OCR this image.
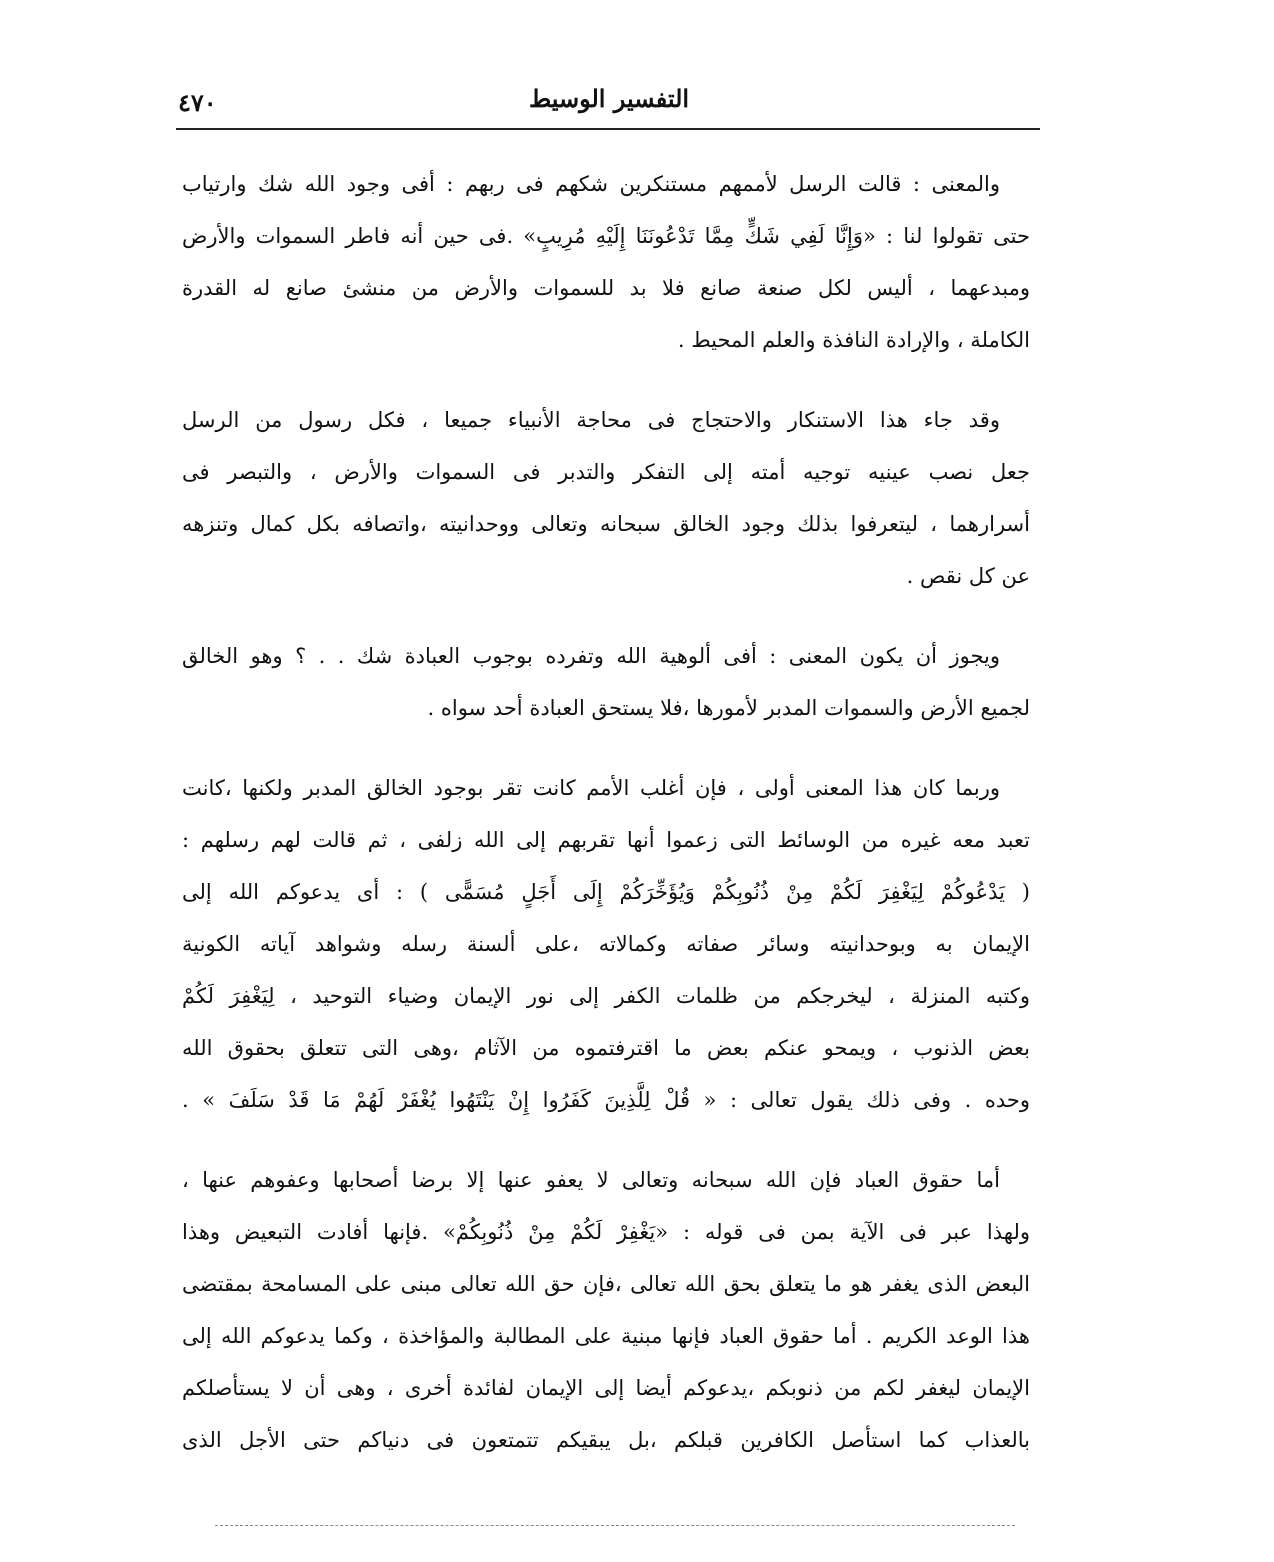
٤٧٠	التفسير الوسيط
والمعنى : قالت الرسل لأممهم مستنكرين شكهم فى ربهم : أفى وجود الله شك وارتياب
حتى تقولوا لنا : «وَإِنَّا لَفِي شَكٍّ مِمَّا تَدْعُونَنَا إِلَيْهِ مُرِيبٍ» .فى حين أنه فاطر السموات والأرض
ومبدعهما ، أليس لكل صنعة صانع فلا بد للسموات والأرض من منشئ صانع له القدرة
الكاملة ، والإرادة النافذة والعلم المحيط .
وقد جاء هذا الاستنكار والاحتجاج فى محاجة الأنبياء جميعا ، فكل رسول من الرسل
جعل نصب عينيه توجيه أمته إلى التفكر والتدبر فى السموات والأرض ، والتبصر فى
أسرارهما ، ليتعرفوا بذلك وجود الخالق سبحانه وتعالى ووحدانيته ،واتصافه بكل كمال وتنزهه
عن كل نقص .
ويجوز أن يكون المعنى : أفى ألوهية الله وتفرده بوجوب العبادة شك . . ؟ وهو الخالق
لجميع الأرض والسموات المدبر لأمورها ،فلا يستحق العبادة أحد سواه .
وربما كان هذا المعنى أولى ، فإن أغلب الأمم كانت تقر بوجود الخالق المدبر ولكنها ،كانت
تعبد معه غيره من الوسائط التى زعموا أنها تقربهم إلى الله زلفى ، ثم قالت لهم رسلهم :
( يَدْعُوكُمْ لِيَغْفِرَ لَكُمْ مِنْ ذُنُوبِكُمْ وَيُؤَخِّرَكُمْ إِلَى أَجَلٍ مُسَمًّى ) : أى يدعوكم الله إلى
الإيمان به وبوحدانيته وسائر صفاته وكمالاته ،على ألسنة رسله وشواهد آياته الكونية
وكتبه المنزلة ، ليخرجكم من ظلمات الكفر إلى نور الإيمان وضياء التوحيد ، لِيَغْفِرَ لَكُمْ
بعض الذنوب ، ويمحو عنكم بعض ما اقترفتموه من الآثام ،وهى التى تتعلق بحقوق الله
وحده . وفى ذلك يقول تعالى : « قُلْ لِلَّذِينَ كَفَرُوا إِنْ يَنْتَهُوا يُغْفَرْ لَهُمْ مَا قَدْ سَلَفَ » .
أما حقوق العباد فإن الله سبحانه وتعالى لا يعفو عنها إلا برضا أصحابها وعفوهم عنها ،
ولهذا عبر فى الآية بمن فى قوله : «يَغْفِرْ لَكُمْ مِنْ ذُنُوبِكُمْ» .فإنها أفادت التبعيض وهذا
البعض الذى يغفر هو ما يتعلق بحق الله تعالى ،فإن حق الله تعالى مبنى على المسامحة بمقتضى
هذا الوعد الكريم . أما حقوق العباد فإنها مبنية على المطالبة والمؤاخذة ، وكما يدعوكم الله إلى
الإيمان ليغفر لكم من ذنوبكم ،يدعوكم أيضا إلى الإيمان لفائدة أخرى ، وهى أن لا يستأصلكم
بالعذاب كما استأصل الكافرين قبلكم ،بل يبقيكم تتمتعون فى دنياكم حتى الأجل الذى
